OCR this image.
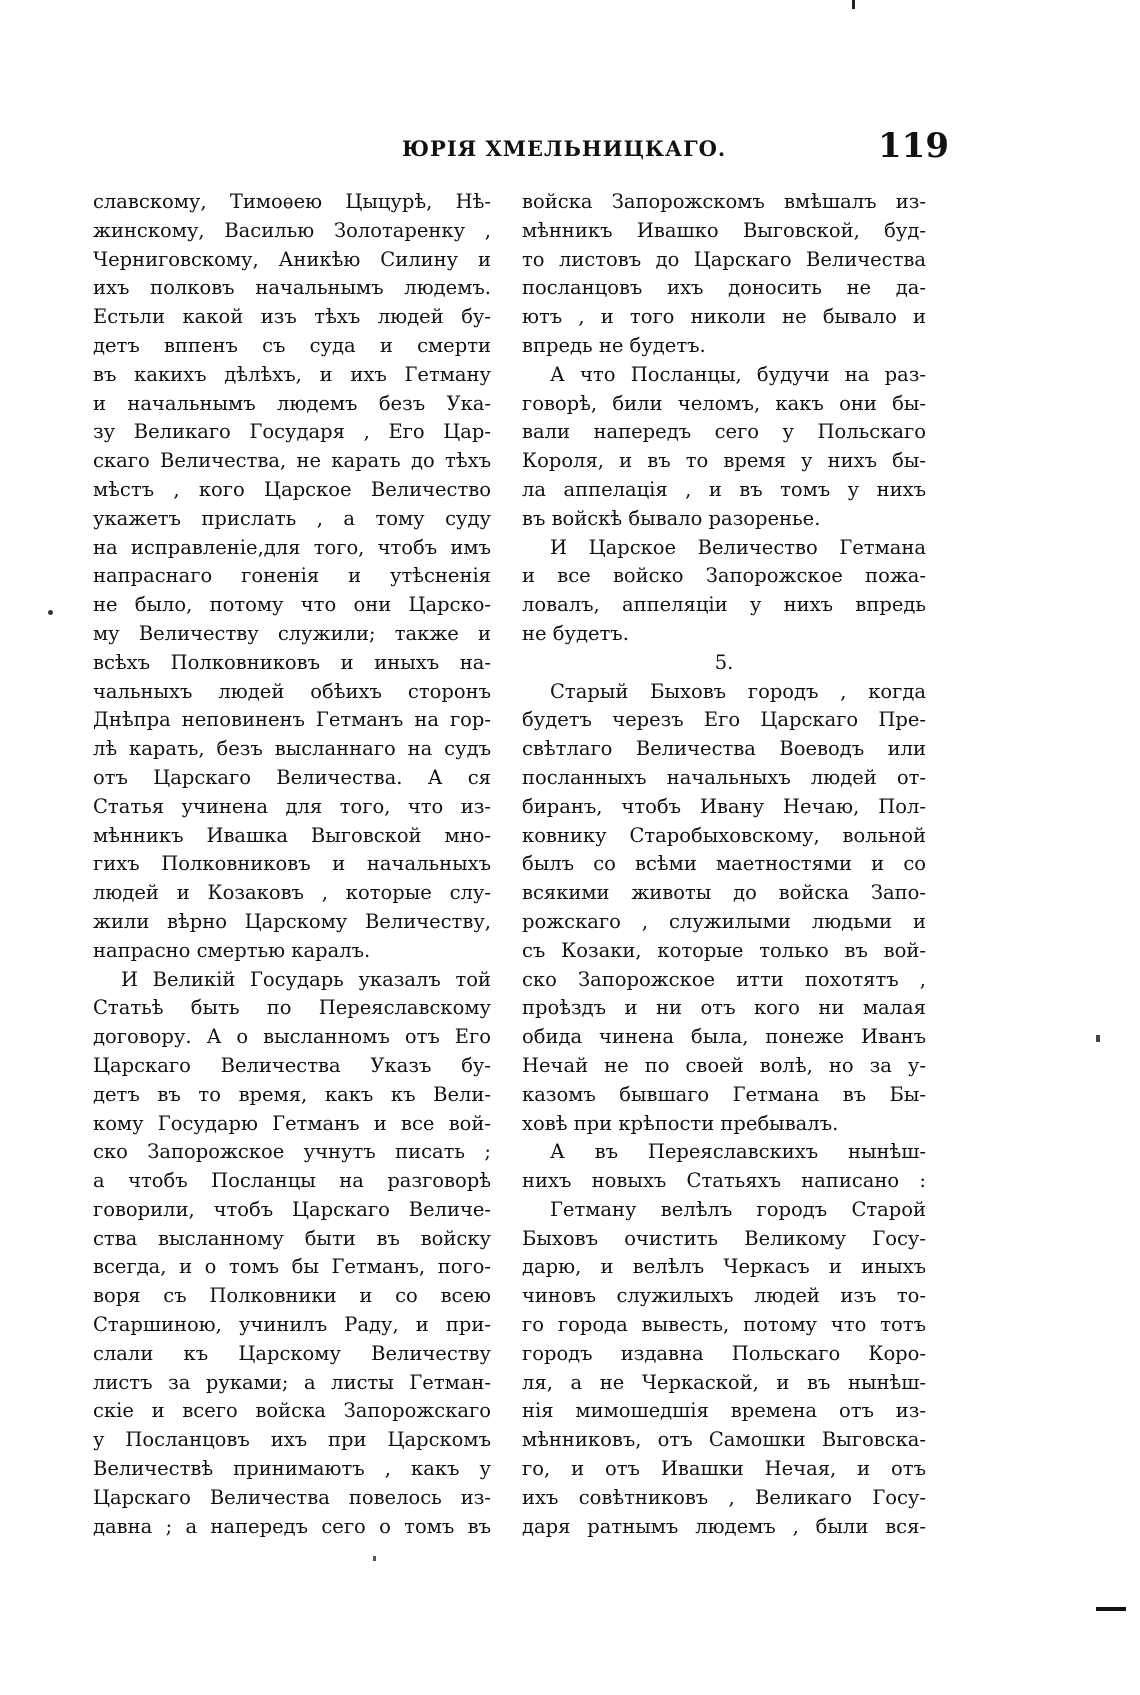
ЮРІЯ ХМЕЛЬНИЦКАГО.	119
славскому, Тимоѳею Цыцурѣ, Нѣ-
жинскому, Василью Золотаренку ,
Черниговскому, Аникѣю Силину и
ихъ полковъ начальнымъ людемъ.
Естьли какой изъ тѣхъ людей бу-
детъ вппенъ съ суда и смерти
въ какихъ дѣлѣхъ, и ихъ Гетману
и начальнымъ людемъ безъ Ука-
зу Великаго Государя , Его Цар-
скаго Величества, не карать до тѣхъ
мѣстъ , кого Царское Величество
укажетъ прислать , а тому суду
на исправленіе,для того, чтобъ имъ
напраснаго гоненія и утѣсненія
не было, потому что они Царско-
му Величеству служили; также и
всѣхъ Полковниковъ и иныхъ на-
чальныхъ людей обѣихъ сторонъ
Днѣпра неповиненъ Гетманъ на гор-
лѣ карать, безъ высланнаго на судъ
отъ Царскаго Величества. А ся
Статья учинена для того, что из-
мѣнникъ Ивашка Выговской мно-
гихъ Полковниковъ и начальныхъ
людей и Козаковъ , которые слу-
жили вѣрно Царскому Величеству,
напрасно смертью каралъ.
И Великій Государь указалъ той
Статьѣ быть по Переяславскому
договору. А о высланномъ отъ Его
Царскаго Величества Указъ бу-
детъ въ то время, какъ къ Вели-
кому Государю Гетманъ и все вой-
ско Запорожское учнутъ писать ;
а чтобъ Посланцы на разговорѣ
говорили, чтобъ Царскаго Величе-
ства высланному быти въ войску
всегда, и о томъ бы Гетманъ, пого-
воря съ Полковники и со всею
Старшиною, учинилъ Раду, и при-
слали къ Царскому Величеству
листъ за руками; а листы Гетман-
скіе и всего войска Запорожскаго
у Посланцовъ ихъ при Царскомъ
Величествѣ принимаютъ , какъ у
Царскаго Величества повелось из-
давна ; а напередъ сего о томъ въ
войска Запорожскомъ вмѣшалъ из-
мѣнникъ Ивашко Выговской, буд-
то листовъ до Царскаго Величества
посланцовъ ихъ доносить не да-
ютъ , и того николи не бывало и
впредь не будетъ.
А что Посланцы, будучи на раз-
говорѣ, били челомъ, какъ они бы-
вали напередъ сего у Польскаго
Короля, и въ то время у нихъ бы-
ла аппелація , и въ томъ у нихъ
въ войскѣ бывало разоренье.
И Царское Величество Гетмана
и все войско Запорожское пожа-
ловалъ, аппеляціи у нихъ впредь
не будетъ.
5.
Старый Быховъ городъ , когда
будетъ черезъ Его Царскаго Пре-
свѣтлаго Величества Воеводъ или
посланныхъ начальныхъ людей от-
биранъ, чтобъ Ивану Нечаю, Пол-
ковнику Старобыховскому, вольной
былъ со всѣми маетностями и со
всякими животы до войска Запо-
рожскаго , служилыми людьми и
съ Козаки, которые только въ вой-
ско Запорожское итти похотятъ ,
проѣздъ и ни отъ кого ни малая
обида чинена была, понеже Иванъ
Нечай не по своей волѣ, но за у-
казомъ бывшаго Гетмана въ Бы-
ховѣ при крѣпости пребывалъ.
А въ Переяславскихъ нынѣш-
нихъ новыхъ Статьяхъ написано :
Гетману велѣлъ городъ Старой
Быховъ очистить Великому Госу-
дарю, и велѣлъ Черкасъ и иныхъ
чиновъ служилыхъ людей изъ то-
го города вывесть, потому что тотъ
городъ издавна Польскаго Коро-
ля, а не Черкаской, и въ нынѣш-
нія мимошедшія времена отъ из-
мѣнниковъ, отъ Самошки Выговска-
го, и отъ Ивашки Нечая, и отъ
ихъ совѣтниковъ , Великаго Госу-
даря ратнымъ людемъ , были вся-
